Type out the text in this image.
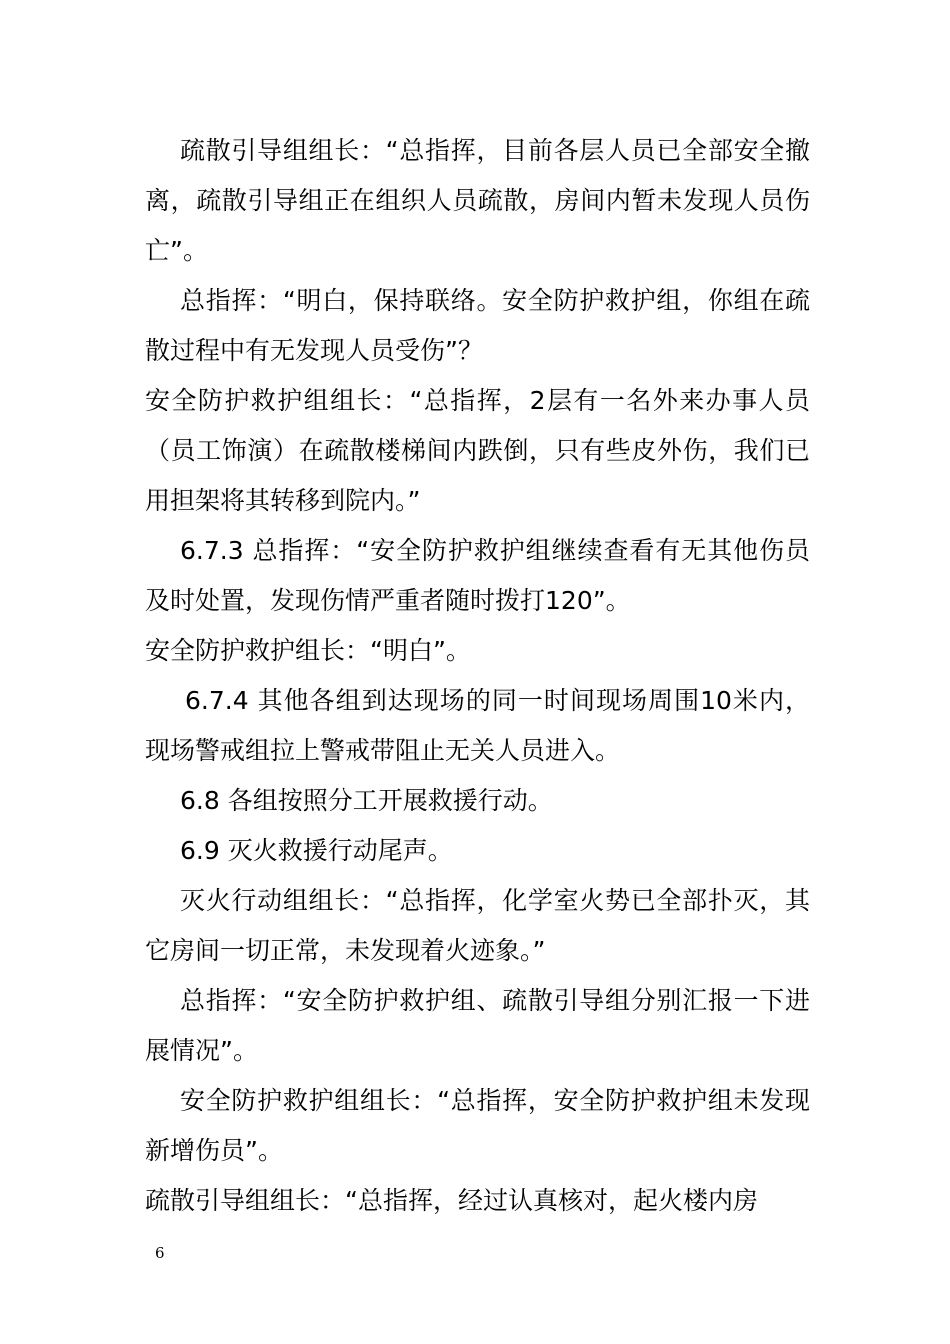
疏散引导组组长：“总指挥，目前各层人员已全部安全撤离，疏散引导组正在组织人员疏散，房间内暂未发现人员伤亡”。

总指挥：“明白，保持联络。安全防护救护组，你组在疏散过程中有无发现人员受伤”？

安全防护救护组组长：“总指挥，2层有一名外来办事人员（员工饰演）在疏散楼梯间内跌倒，只有些皮外伤，我们已用担架将其转移到院内。”

6.7.3 总指挥：“安全防护救护组继续查看有无其他伤员及时处置，发现伤情严重者随时拨打120”。

安全防护救护组长：“明白”。

6.7.4 其他各组到达现场的同一时间现场周围10米内，现场警戒组拉上警戒带阻止无关人员进入。

6.8 各组按照分工开展救援行动。

6.9 灭火救援行动尾声。

灭火行动组组长：“总指挥，化学室火势已全部扑灭，其它房间一切正常，未发现着火迹象。”

总指挥：“安全防护救护组、疏散引导组分别汇报一下进展情况”。

安全防护救护组组长：“总指挥，安全防护救护组未发现新增伤员”。

疏散引导组组长：“总指挥，经过认真核对，起火楼内房

6
